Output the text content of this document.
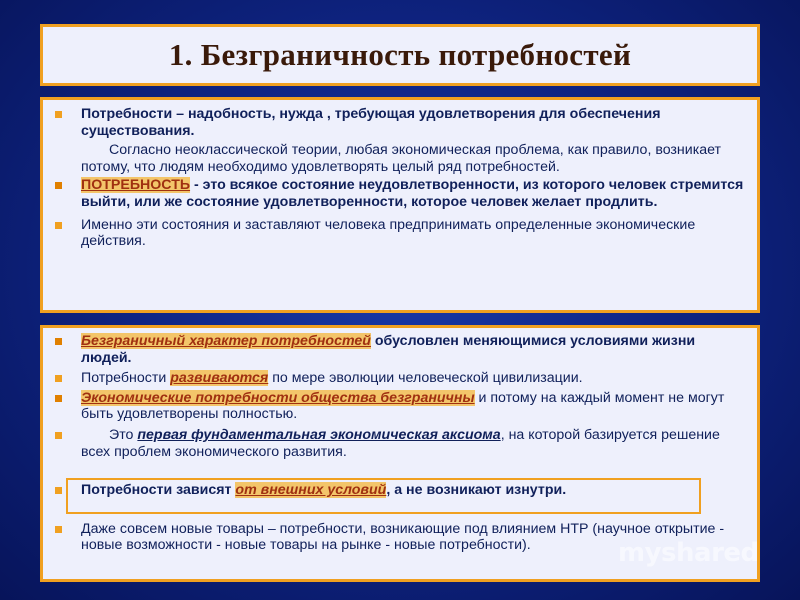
1. Безграничность потребностей
Потребности – надобность, нужда , требующая удовлетворения для обеспечения существования.
Согласно неоклассической теории, любая экономическая проблема, как правило, возникает потому, что людям необходимо удовлетворять целый ряд потребностей.
ПОТРЕБНОСТЬ - это всякое состояние неудовлетворенности, из которого человек стремится выйти, или же состояние удовлетворенности, которое человек желает продлить.
Именно эти состояния и заставляют человека предпринимать определенные экономические действия.
Безграничный характер потребностей обусловлен меняющимися условиями жизни людей.
Потребности развиваются по мере эволюции человеческой цивилизации.
Экономические потребности общества безграничны и потому на каждый момент не могут быть удовлетворены полностью.
Это первая фундаментальная экономическая аксиома, на которой базируется решение всех проблем экономического развития.
Потребности зависят от внешних условий, а не возникают изнутри.
Даже совсем новые товары – потребности, возникающие под влиянием НТР (научное открытие - новые возможности - новые товары на рынке - новые потребности).	myshared
